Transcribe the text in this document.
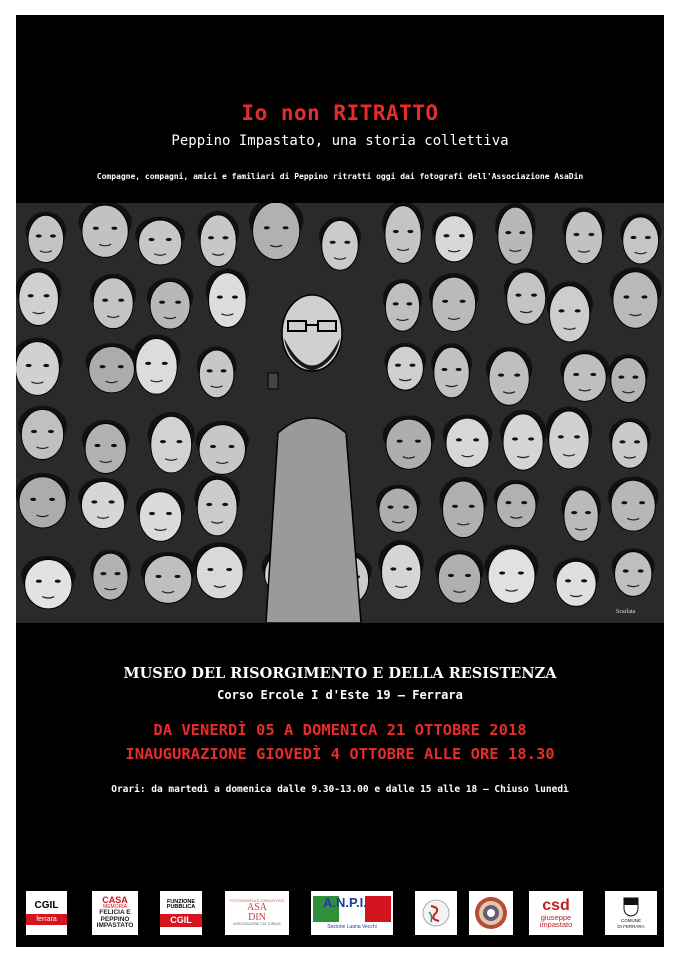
Io non RITRATTO
Peppino Impastato, una storia collettiva
Compagne, compagni, amici e familiari di Peppino ritratti oggi dai fotografi dell'Associazione AsaDin
Scarlata
MUSEO DEL RISORGIMENTO E DELLA RESISTENZA
Corso Ercole I d'Este 19 – Ferrara
DA VENERDÌ 05 A DOMENICA 21 OTTOBRE 2018
INAUGURAZIONE GIOVEDÌ 4 OTTOBRE ALLE ORE 18.30
Orari: da martedì a domenica dalle 9.30-13.00 e dalle 15 alle 18 – Chiuso lunedì
CGIL
ferrara
CASA
MEMORIA
FELICIA E
PEPPINO
IMPASTATO
FUNZIONE
PUBBLICA
CGIL
FOTOGRAFIA E CREATIVITÀ
ASA
DIN
ASSOCIAZIONE CULTURALE
A.N.P.I.
Sezione Luana Vecchi
csd
giuseppe
impastato	COMUNE
DI FERRARA
